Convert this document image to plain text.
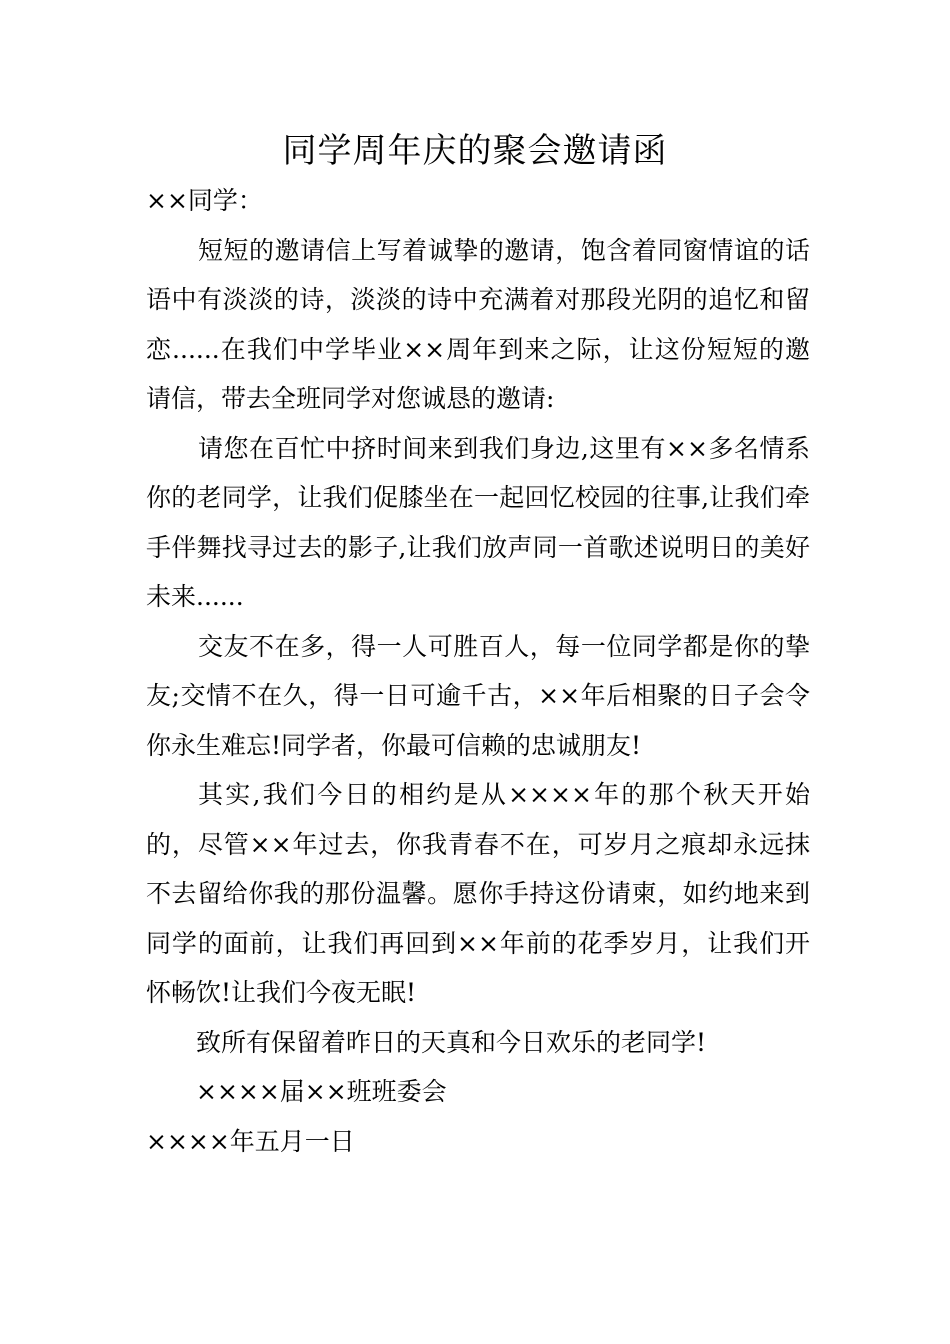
同学周年庆的聚会邀请函

××同学：

短短的邀请信上写着诚挚的邀请，饱含着同窗情谊的话语中有淡淡的诗，淡淡的诗中充满着对那段光阴的追忆和留恋......在我们中学毕业××周年到来之际，让这份短短的邀请信，带去全班同学对您诚恳的邀请:

请您在百忙中挤时间来到我们身边,这里有××多名情系你的老同学，让我们促膝坐在一起回忆校园的往事,让我们牵手伴舞找寻过去的影子,让我们放声同一首歌述说明日的美好未来......

交友不在多，得一人可胜百人，每一位同学都是你的挚友;交情不在久，得一日可逾千古，××年后相聚的日子会令你永生难忘!同学者，你最可信赖的忠诚朋友!

其实,我们今日的相约是从××××年的那个秋天开始的，尽管××年过去，你我青春不在，可岁月之痕却永远抹不去留给你我的那份温馨。愿你手持这份请柬，如约地来到同学的面前，让我们再回到××年前的花季岁月，让我们开怀畅饮!让我们今夜无眠!

致所有保留着昨日的天真和今日欢乐的老同学!

××××届××班班委会

××××年五月一日
